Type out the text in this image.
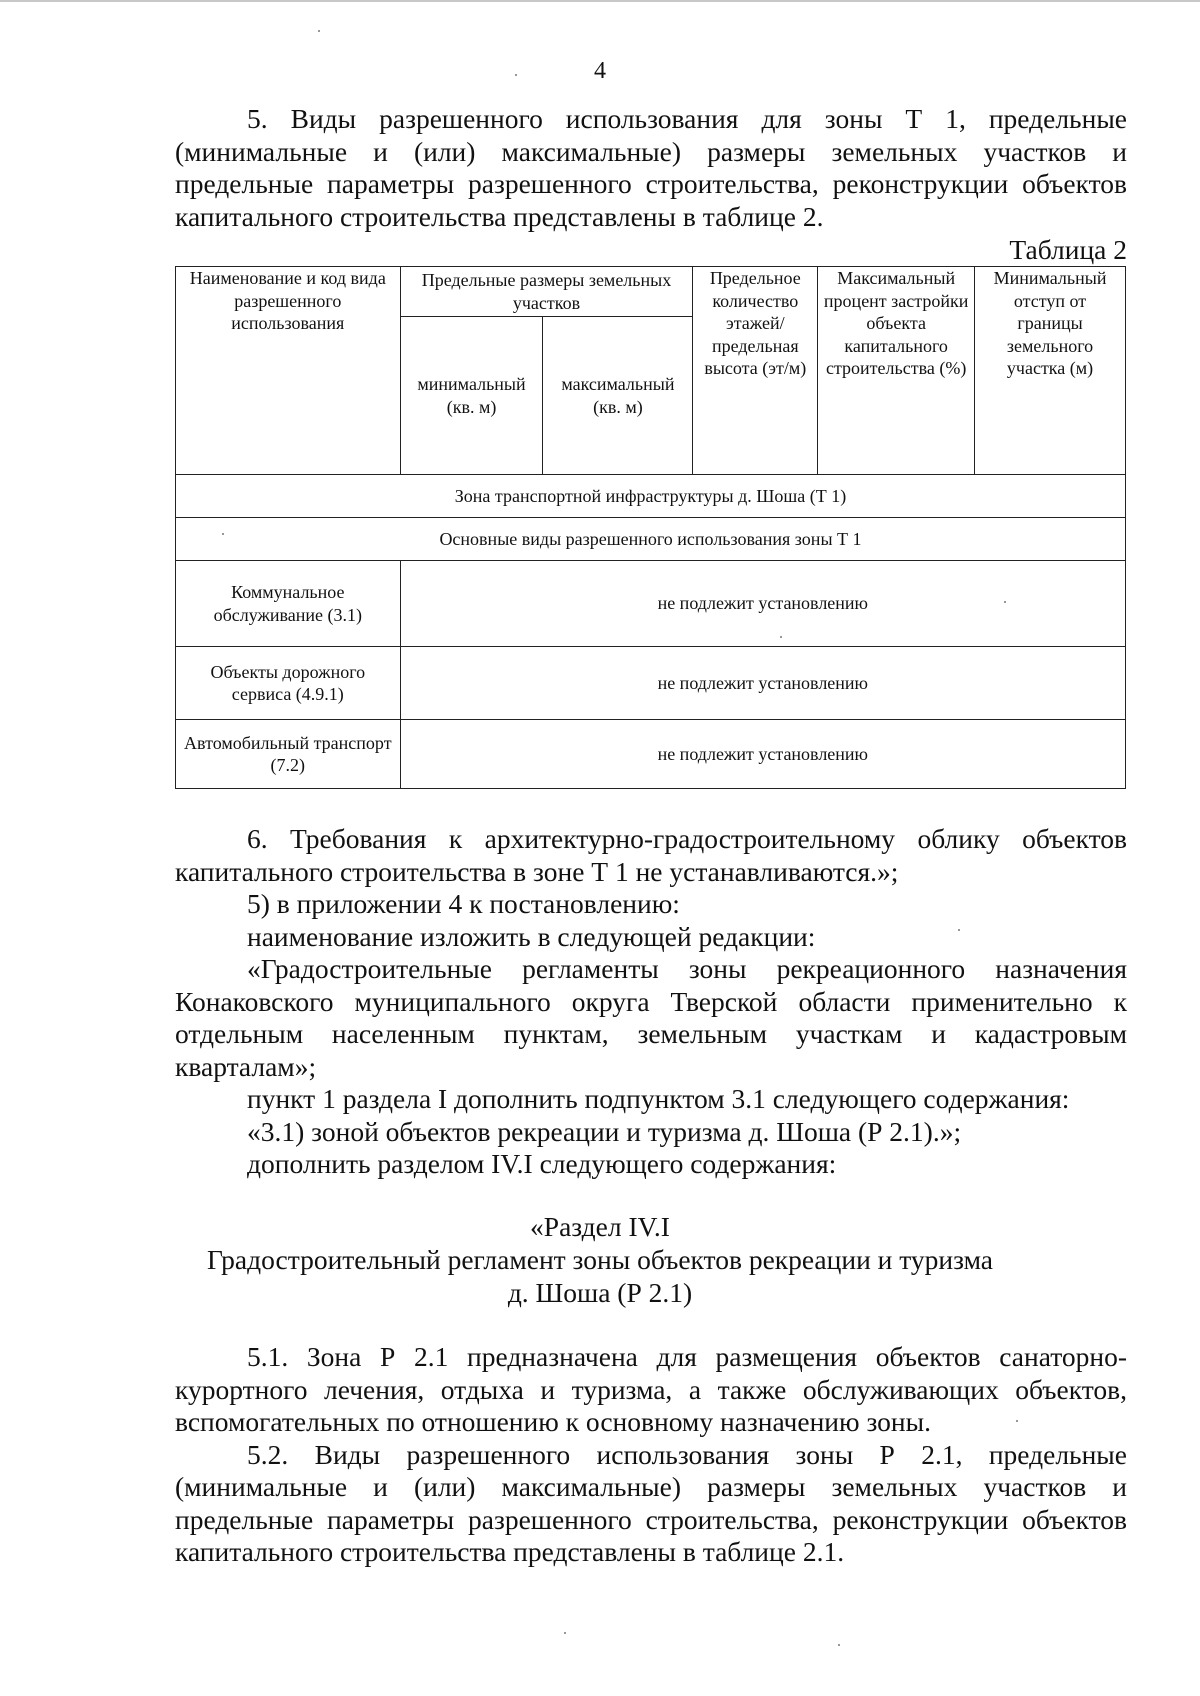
4

5. Виды разрешенного использования для зоны Т 1, предельные (минимальные и (или) максимальные) размеры земельных участков и предельные параметры разрешенного строительства, реконструкции объектов капитального строительства представлены в таблице 2.

Таблица 2
Наименование и код вида разрешенного использования	Предельные размеры земельных участков		Предельное количество этажей/ предельная высота (эт/м)	Максимальный процент застройки объекта капитального строительства (%)	Минимальный отступ от границы земельного участка (м)
	минимальный (кв. м)	максимальный (кв. м)			
Зона транспортной инфраструктуры д. Шоша (Т 1)					
Основные виды разрешенного использования зоны Т 1					
Коммунальное обслуживание (3.1)	не подлежит установлению				
Объекты дорожного сервиса (4.9.1)	не подлежит установлению				
Автомобильный транспорт (7.2)	не подлежит установлению				

6. Требования к архитектурно-градостроительному облику объектов капитального строительства в зоне Т 1 не устанавливаются.»;

5) в приложении 4 к постановлению:

наименование изложить в следующей редакции:

«Градостроительные регламенты зоны рекреационного назначения Конаковского муниципального округа Тверской области применительно к отдельным населенным пунктам, земельным участкам и кадастровым кварталам»;

пункт 1 раздела I дополнить подпунктом 3.1 следующего содержания:

«3.1) зоной объектов рекреации и туризма д. Шоша (Р 2.1).»;

дополнить разделом IV.I следующего содержания:

«Раздел IV.I
Градостроительный регламент зоны объектов рекреации и туризма
д. Шоша (Р 2.1)

5.1. Зона Р 2.1 предназначена для размещения объектов санаторно-курортного лечения, отдыха и туризма, а также обслуживающих объектов, вспомогательных по отношению к основному назначению зоны.

5.2. Виды разрешенного использования зоны Р 2.1, предельные (минимальные и (или) максимальные) размеры земельных участков и предельные параметры разрешенного строительства, реконструкции объектов капитального строительства представлены в таблице 2.1.
